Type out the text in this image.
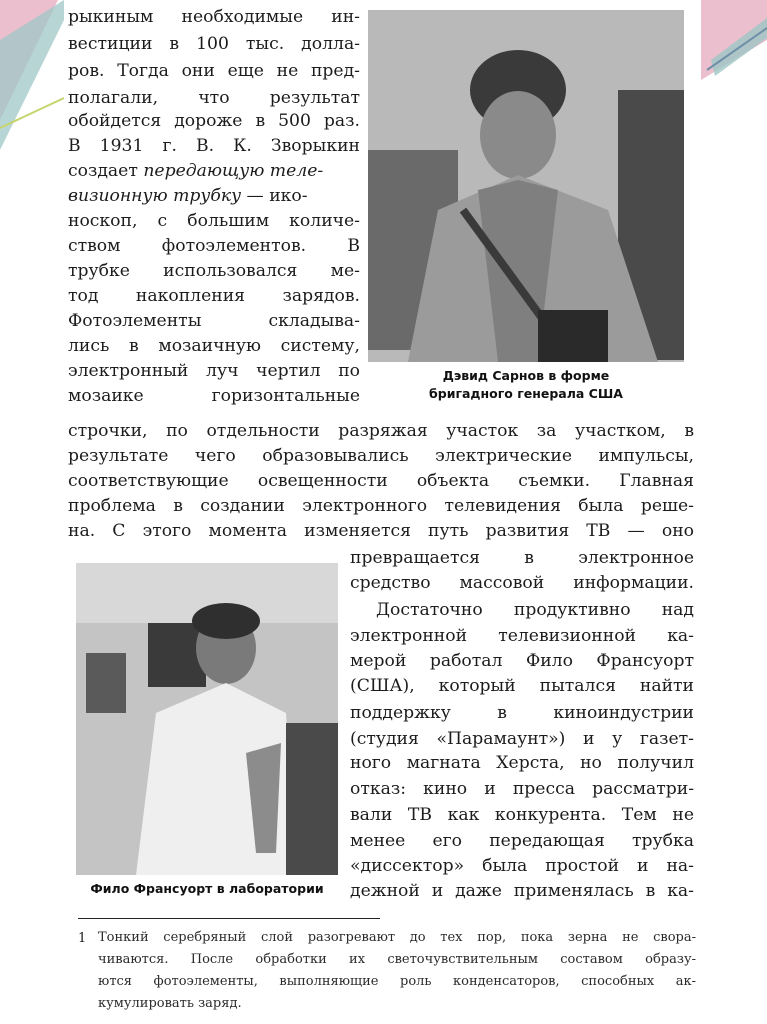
Дэвид Сарнов в форме
бригадного генерала США
Фило Франсуорт в лаборатории
рыкиным необходимые ин-
вестиции в 100 тыс. долла-
ров. Тогда они еще не пред-
полагали, что результат
обойдется дороже в 500 раз.
В 1931 г. В. К. Зворыкин
создает передающую теле-
визионную трубку — ико-
носкоп, с большим количе-
ством фотоэлементов. В
трубке использовался ме-
тод накопления зарядов.
Фотоэлементы складыва-
лись в мозаичную систему,
электронный луч чертил по
мозаике горизонтальные
строчки, по отдельности разряжая участок за участком, в
результате чего образовывались электрические импульсы,
соответствующие освещенности объекта съемки. Главная
проблема в создании электронного телевидения была реше-
на. С этого момента изменяется путь развития ТВ — оно
превращается в электронное
средство массовой информации.
Достаточно продуктивно над
электронной телевизионной ка-
мерой работал Фило Франсуорт
(США), который пытался найти
поддержку в киноиндустрии
(студия «Парамаунт») и у газет-
ного магната Херста, но получил
отказ: кино и пресса рассматри-
вали ТВ как конкурента. Тем не
менее его передающая трубка
«диссектор» была простой и на-
дежной и даже применялась в ка-
1 Тонкий серебряный слой разогревают до тех пор, пока зерна не свора-
чиваются. После обработки их светочувствительным составом образу-
ются фотоэлементы, выполняющие роль конденсаторов, способных ак-
кумулировать заряд.
